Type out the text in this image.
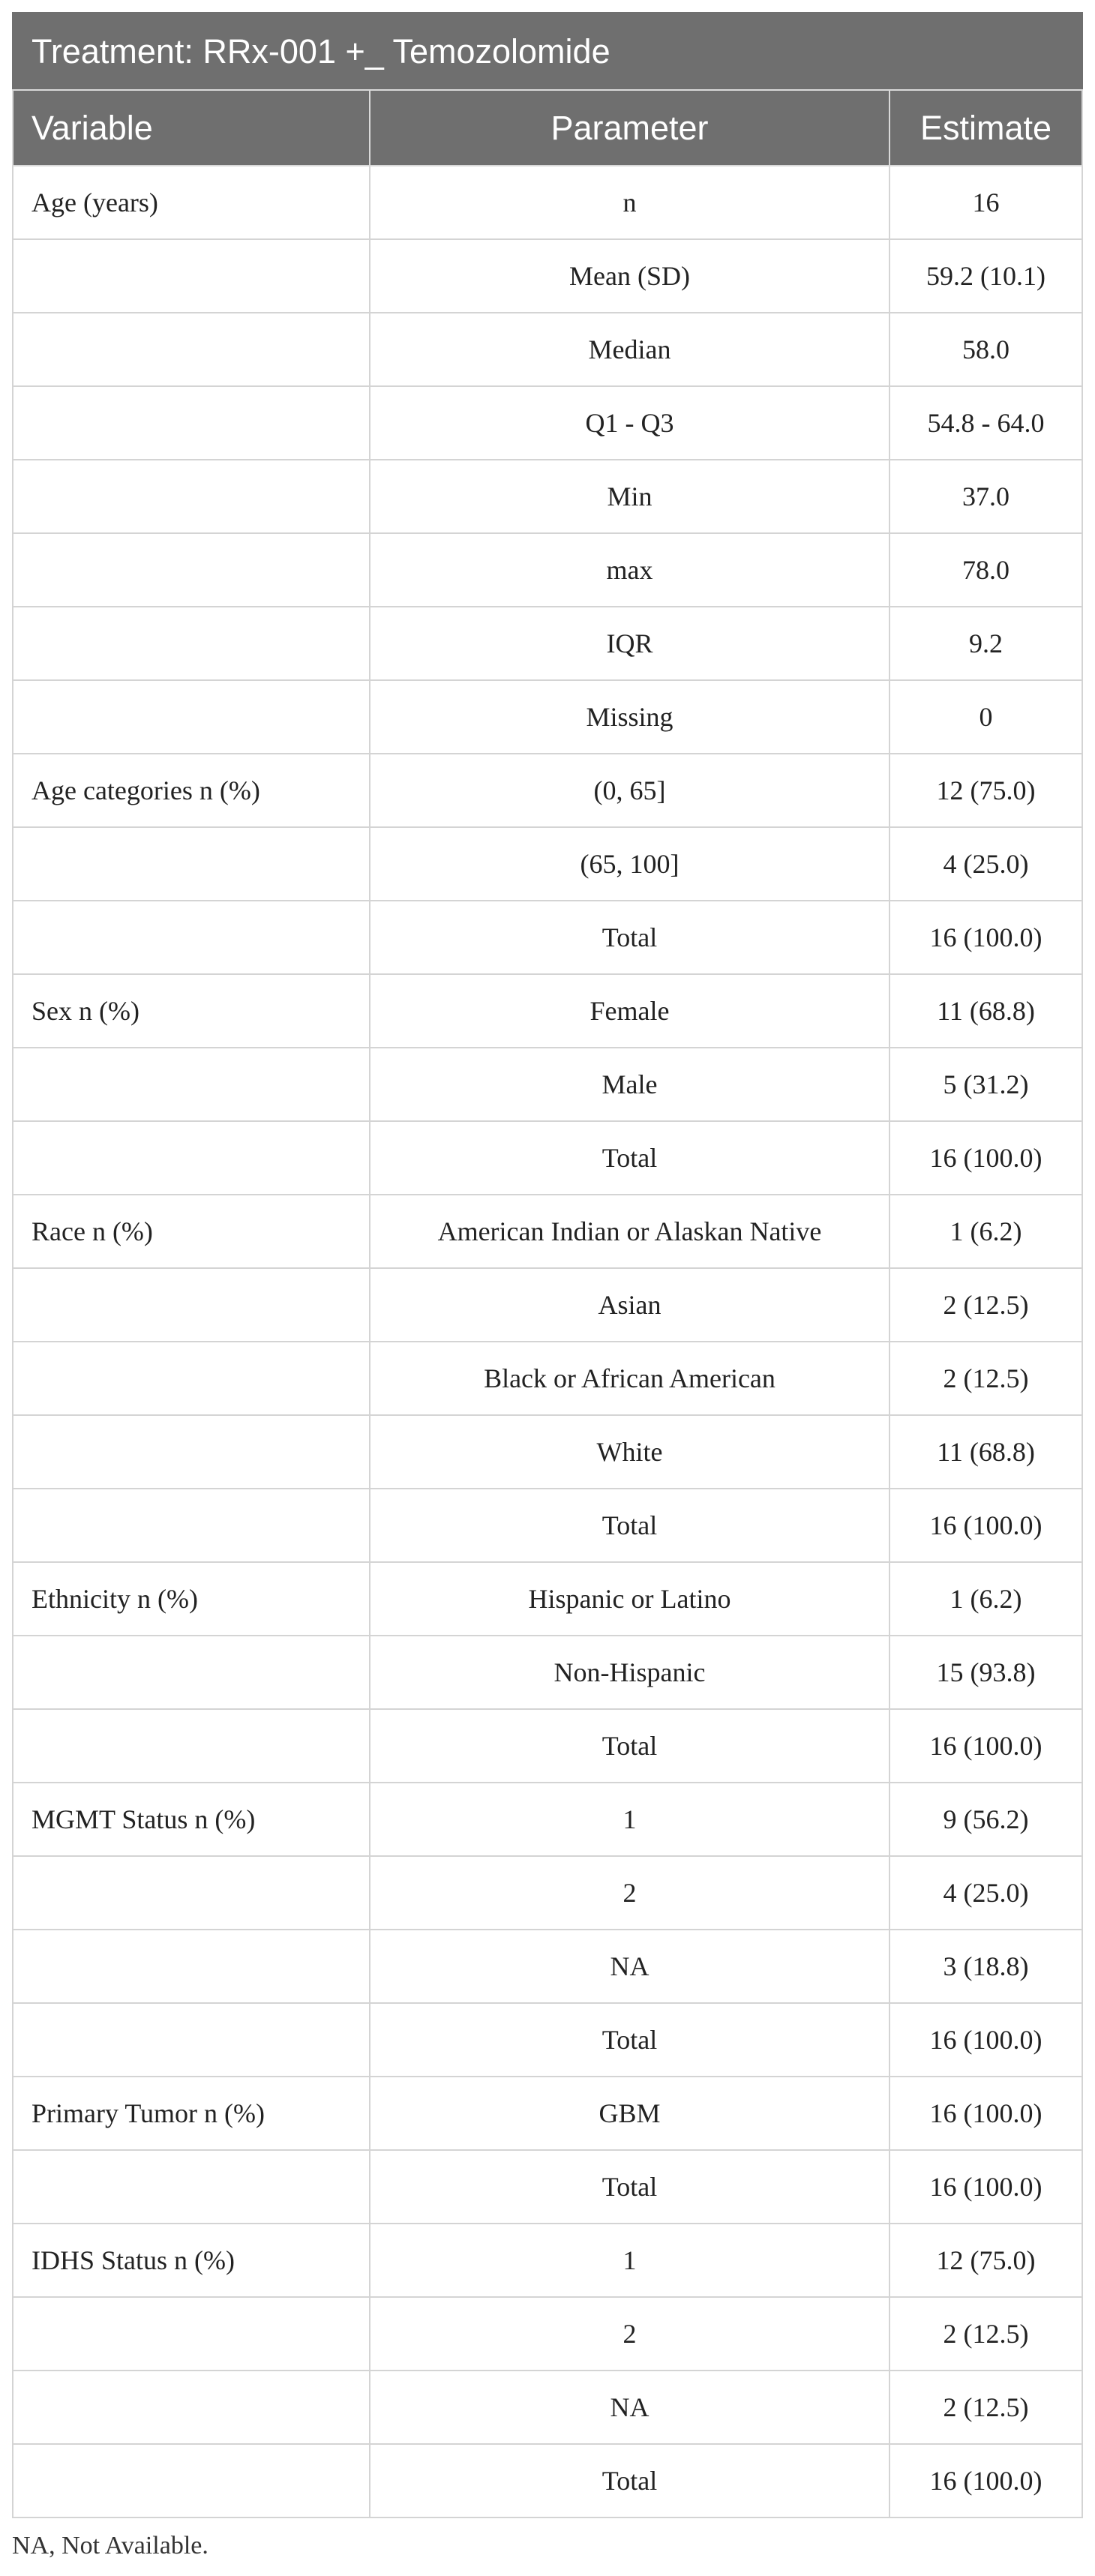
Treatment: RRx-001 +_ Temozolomide		
Variable	Parameter	Estimate
Age (years)	n	16
	Mean (SD)	59.2 (10.1)
	Median	58.0
	Q1 - Q3	54.8 - 64.0
	Min	37.0
	max	78.0
	IQR	9.2
	Missing	0
Age categories n (%)	(0, 65]	12 (75.0)
	(65, 100]	4 (25.0)
	Total	16 (100.0)
Sex n (%)	Female	11 (68.8)
	Male	5 (31.2)
	Total	16 (100.0)
Race n (%)	American Indian or Alaskan Native	1 (6.2)
	Asian	2 (12.5)
	Black or African American	2 (12.5)
	White	11 (68.8)
	Total	16 (100.0)
Ethnicity n (%)	Hispanic or Latino	1 (6.2)
	Non-Hispanic	15 (93.8)
	Total	16 (100.0)
MGMT Status n (%)	1	9 (56.2)
	2	4 (25.0)
	NA	3 (18.8)
	Total	16 (100.0)
Primary Tumor n (%)	GBM	16 (100.0)
	Total	16 (100.0)
IDHS Status n (%)	1	12 (75.0)
	2	2 (12.5)
	NA	2 (12.5)
	Total	16 (100.0)
NA, Not Available.
